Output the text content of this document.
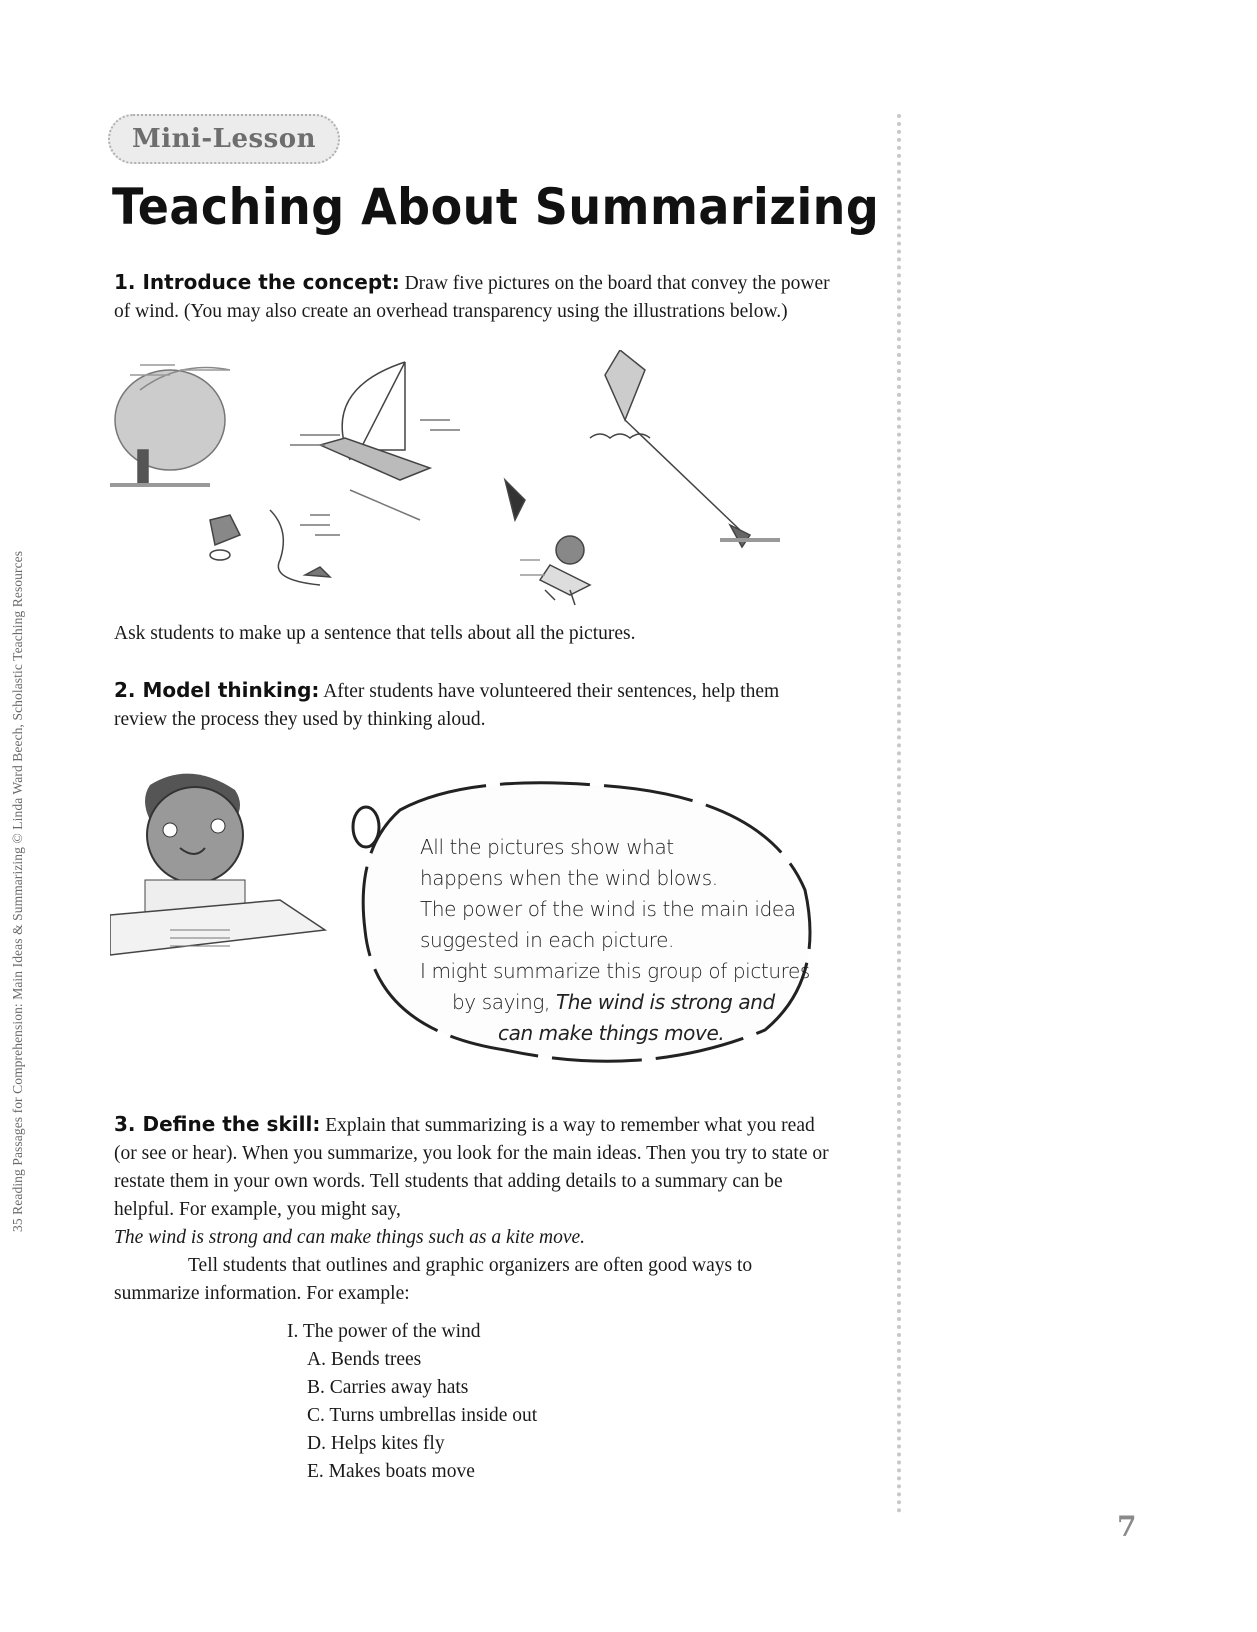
35 Reading Passages for Comprehension: Main Ideas & Summarizing © Linda Ward Beech, Scholastic Teaching Resources
Mini-Lesson
Teaching About Summarizing
1. Introduce the concept: Draw five pictures on the board that convey the power of wind. (You may also create an overhead transparency using the illustrations below.)
Ask students to make up a sentence that tells about all the pictures.
2. Model thinking: After students have volunteered their sentences, help them review the process they used by thinking aloud.
All the pictures show what
happens when the wind blows.
The power of the wind is the main idea
suggested in each picture.
I might summarize this group of pictures
by saying, The wind is strong and
can make things move.
3. Define the skill: Explain that summarizing is a way to remember what you read (or see or hear). When you summarize, you look for the main ideas. Then you try to state or restate them in your own words. Tell students that adding details to a summary can be helpful. For example, you might say,
The wind is strong and can make things such as a kite move.
Tell students that outlines and graphic organizers are often good ways to summarize information. For example:
I. The power of the wind
A. Bends trees
B. Carries away hats
C. Turns umbrellas inside out
D. Helps kites fly
E. Makes boats move
7
